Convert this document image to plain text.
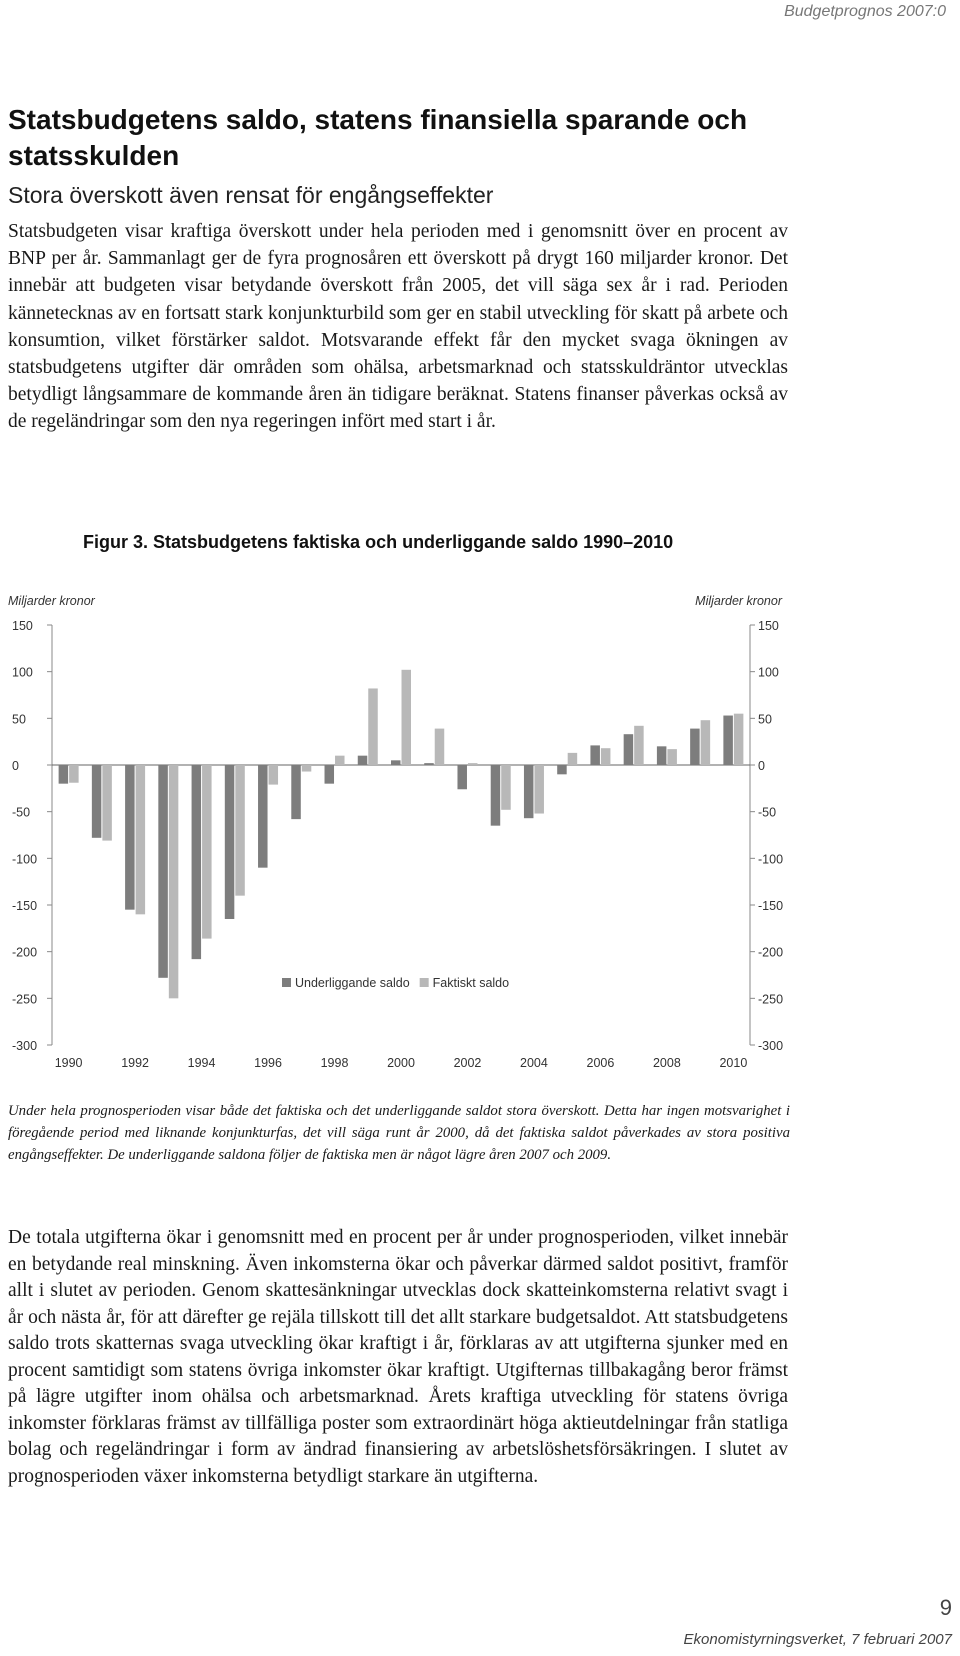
Budgetprognos 2007:0
Statsbudgetens saldo, statens finansiella sparande och statsskulden
Stora överskott även rensat för engångseffekter

Statsbudgeten visar kraftiga överskott under hela perioden med i genomsnitt över en procent av BNP per år. Sammanlagt ger de fyra prognosåren ett överskott på drygt 160 miljarder kronor. Det innebär att budgeten visar betydande överskott från 2005, det vill säga sex år i rad. Perioden kännetecknas av en fortsatt stark konjunkturbild som ger en stabil utveckling för skatt på arbete och konsumtion, vilket förstärker saldot. Motsvarande effekt får den mycket svaga ökningen av statsbudgetens utgifter där områden som ohälsa, arbetsmarknad och statsskuldräntor utvecklas betydligt långsammare de kommande åren än tidigare beräknat. Statens finanser påverkas också av de regeländringar som den nya regeringen infört med start i år.

Figur 3. Statsbudgetens faktiska och underliggande saldo 1990–2010

150	150
100	100
50	50
0	0
-50	-50
-100	-100
-150	-150
-200	-200
-250	-250
-300	-300
Miljarder kronor	Miljarder kronor
1990	1992	1994	1996	1998	2000	2002	2004	2006	2008	2010
Underliggande saldo Faktiskt saldo

Under hela prognosperioden visar både det faktiska och det underliggande saldot stora överskott. Detta har ingen motsvarighet i föregående period med liknande konjunkturfas, det vill säga runt år 2000, då det faktiska saldot påverkades av stora positiva engångseffekter. De underliggande saldona följer de faktiska men är något lägre åren 2007 och 2009.

De totala utgifterna ökar i genomsnitt med en procent per år under prognosperioden, vilket innebär en betydande real minskning. Även inkomsterna ökar och påverkar därmed saldot positivt, framför allt i slutet av perioden. Genom skattesänkningar utvecklas dock skatteinkomsterna relativt svagt i år och nästa år, för att därefter ge rejäla tillskott till det allt starkare budgetsaldot. Att statsbudgetens saldo trots skatternas svaga utveckling ökar kraftigt i år, förklaras av att utgifterna sjunker med en procent samtidigt som statens övriga inkomster ökar kraftigt. Utgifternas tillbakagång beror främst på lägre utgifter inom ohälsa och arbetsmarknad. Årets kraftiga utveckling för statens övriga inkomster förklaras främst av tillfälliga poster som extraordinärt höga aktieutdelningar från statliga bolag och regeländringar i form av ändrad finansiering av arbetslöshetsförsäkringen. I slutet av prognosperioden växer inkomsterna betydligt starkare än utgifterna.

9
Ekonomistyrningsverket, 7 februari 2007
